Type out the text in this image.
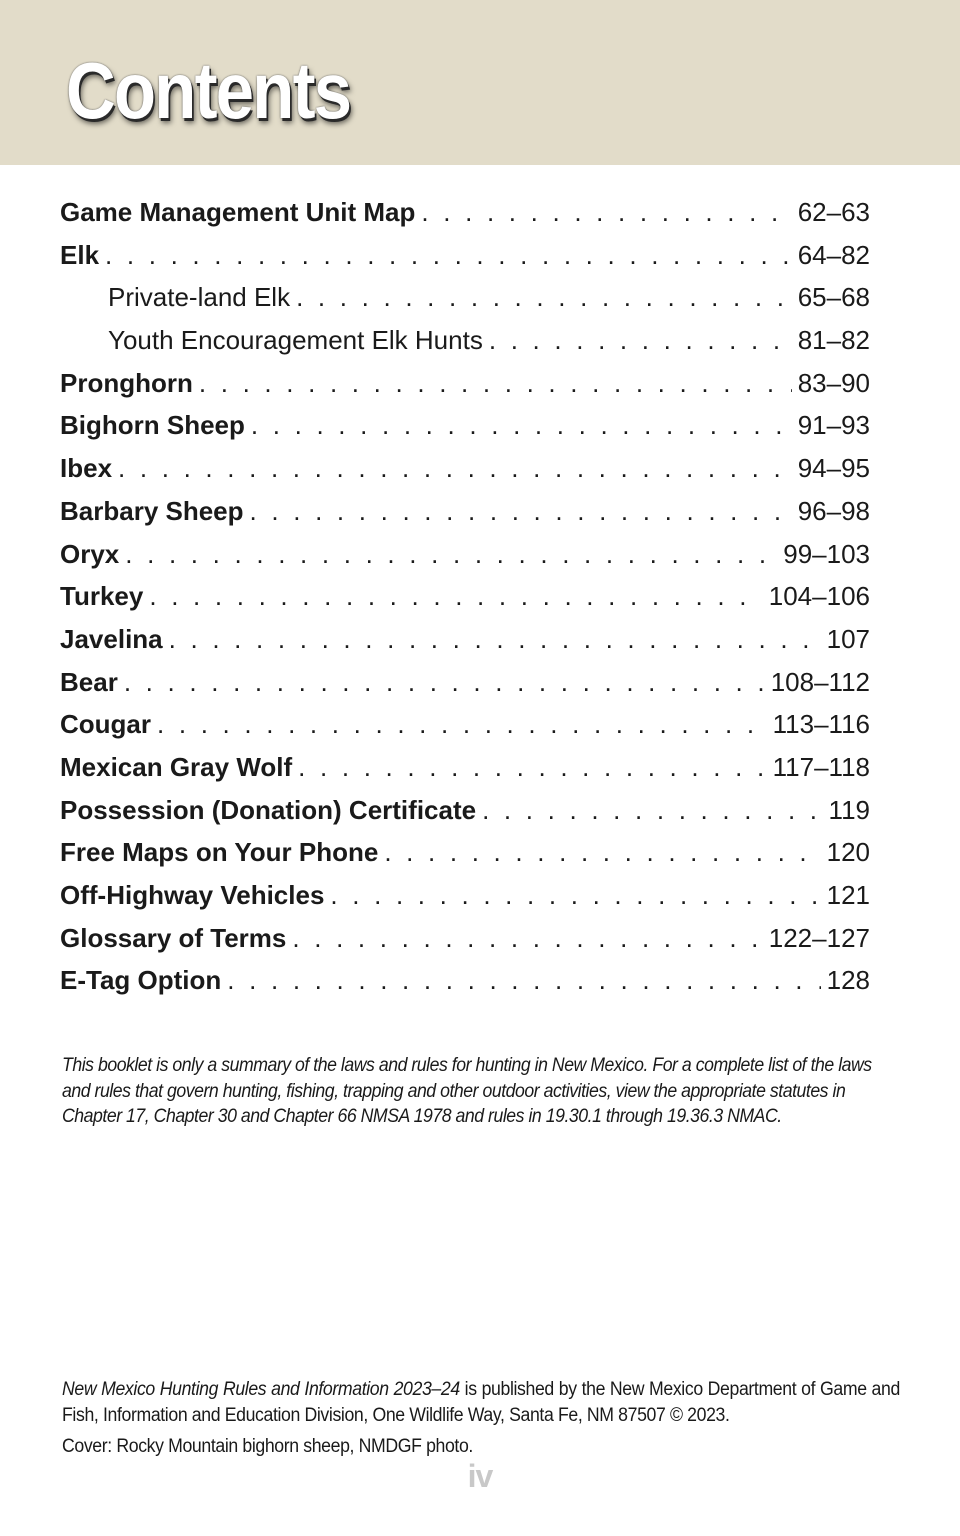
Contents
Game Management Unit Map . . .	62–63
Elk . . .	64–82
Private-land Elk . . .	65–68
Youth Encouragement Elk Hunts . . .	81–82
Pronghorn . . .	83–90
Bighorn Sheep . . .	91–93
Ibex . . .	94–95
Barbary Sheep . . .	96–98
Oryx . . .	99–103
Turkey . . .	104–106
Javelina . . .	107
Bear . . .	108–112
Cougar . . .	113–116
Mexican Gray Wolf . . .	117–118
Possession (Donation) Certificate . . .	119
Free Maps on Your Phone . . .	120
Off-Highway Vehicles . . .	121
Glossary of Terms . . .	122–127
E-Tag Option . . .	128

This booklet is only a summary of the laws and rules for hunting in New Mexico. For a complete list of the laws and rules that govern hunting, fishing, trapping and other outdoor activities, view the appropriate statutes in Chapter 17, Chapter 30 and Chapter 66 NMSA 1978 and rules in 19.30.1 through 19.36.3 NMAC.

New Mexico Hunting Rules and Information 2023–24 is published by the New Mexico Department of Game and Fish, Information and Education Division, One Wildlife Way, Santa Fe, NM 87507 © 2023.

Cover: Rocky Mountain bighorn sheep, NMDGF photo.

iv
